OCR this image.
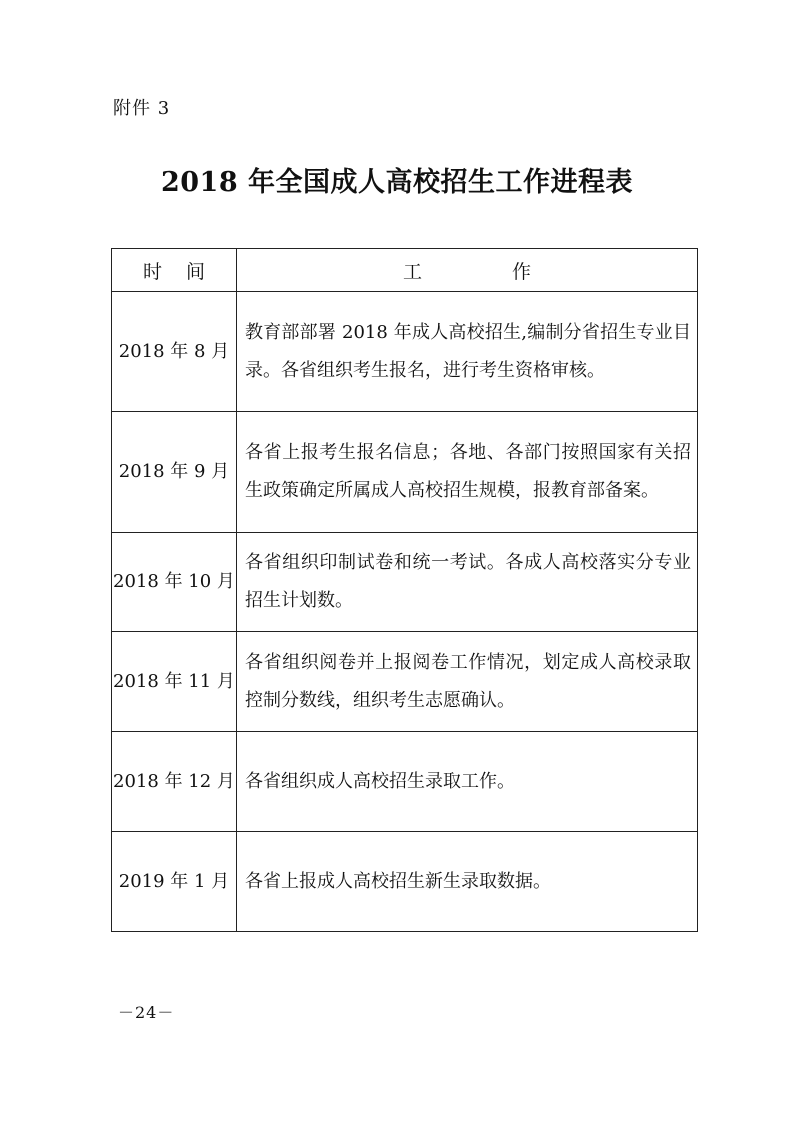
附件 3
2018 年全国成人高校招生工作进程表
时间	工作
2018 年 8 月	教育部部署 2018 年成人高校招生,编制分省招生专业目录。各省组织考生报名，进行考生资格审核。
2018 年 9 月	各省上报考生报名信息；各地、各部门按照国家有关招生政策确定所属成人高校招生规模，报教育部备案。
2018 年 10 月	各省组织印制试卷和统一考试。各成人高校落实分专业招生计划数。
2018 年 11 月	各省组织阅卷并上报阅卷工作情况，划定成人高校录取控制分数线，组织考生志愿确认。
2018 年 12 月	各省组织成人高校招生录取工作。
2019 年 1 月	各省上报成人高校招生新生录取数据。
－24－
